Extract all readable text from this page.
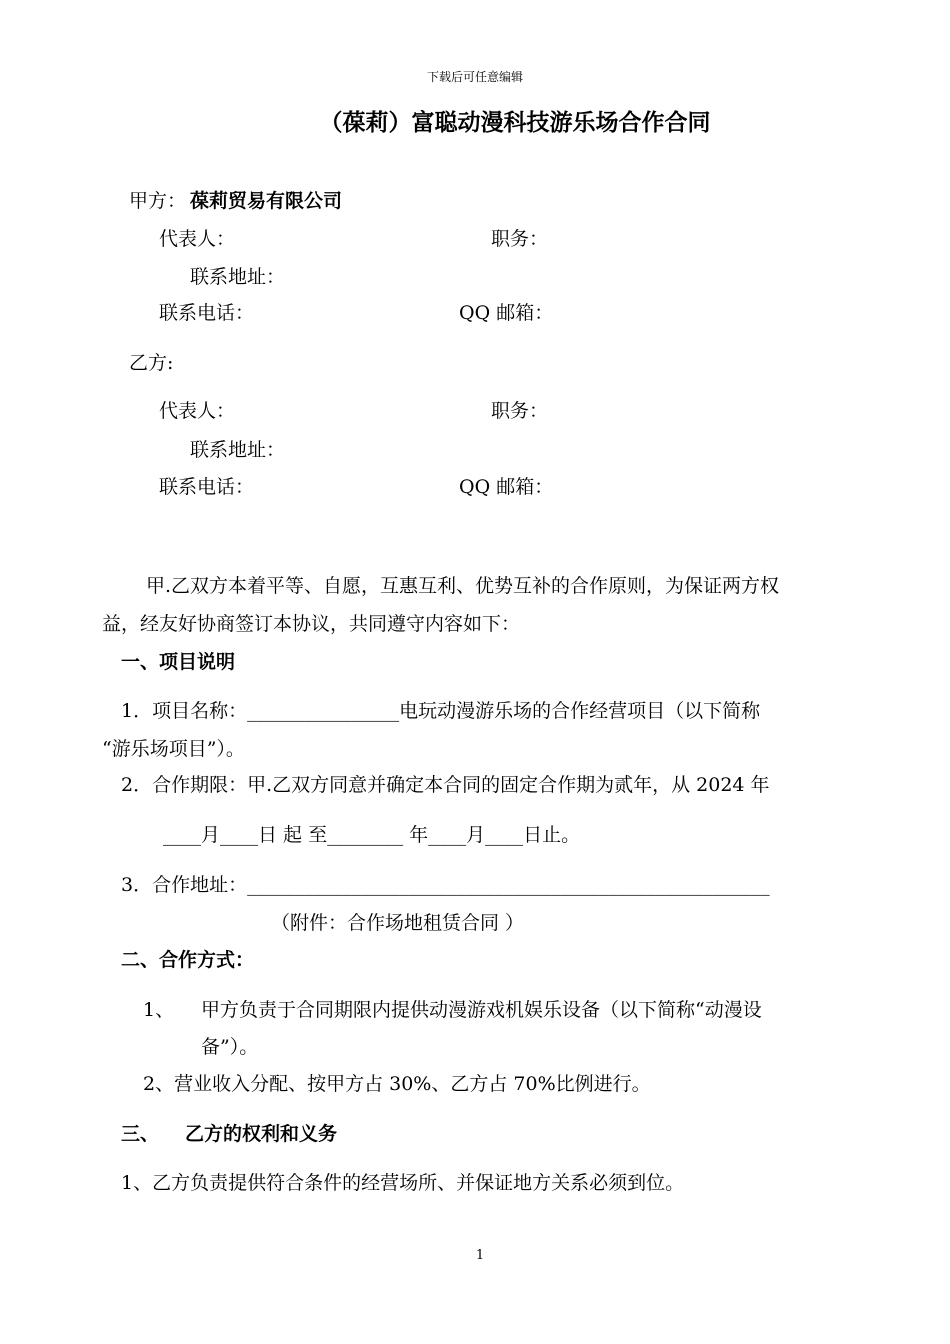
下载后可任意编辑
（葆莉）富聪动漫科技游乐场合作合同
甲方： 葆莉贸易有限公司
代表人：	职务：
联系地址：
联系电话：	QQ 邮箱：
乙方:
代表人：	职务：
联系地址：
联系电话：	QQ 邮箱：
甲.乙双方本着平等、自愿，互惠互利、优势互补的合作原则，为保证两方权
益，经友好协商签订本协议，共同遵守内容如下：
一、项目说明
1．项目名称：________________电玩动漫游乐场的合作经营项目（以下简称
“游乐场项目”）。
2．合作期限：甲.乙双方同意并确定本合同的固定合作期为贰年，从 2024 年
____月____日 起 至________ 年____月____日止。
3．合作地址：_______________________________________________________
（附件：合作场地租赁合同 ）
二、合作方式：
1、 甲方负责于合同期限内提供动漫游戏机娱乐设备（以下简称“动漫设
备”）。
2、营业收入分配、按甲方占 30%、乙方占 70%比例进行。
三、 乙方的权利和义务
1、乙方负责提供符合条件的经营场所、并保证地方关系必须到位。
1
